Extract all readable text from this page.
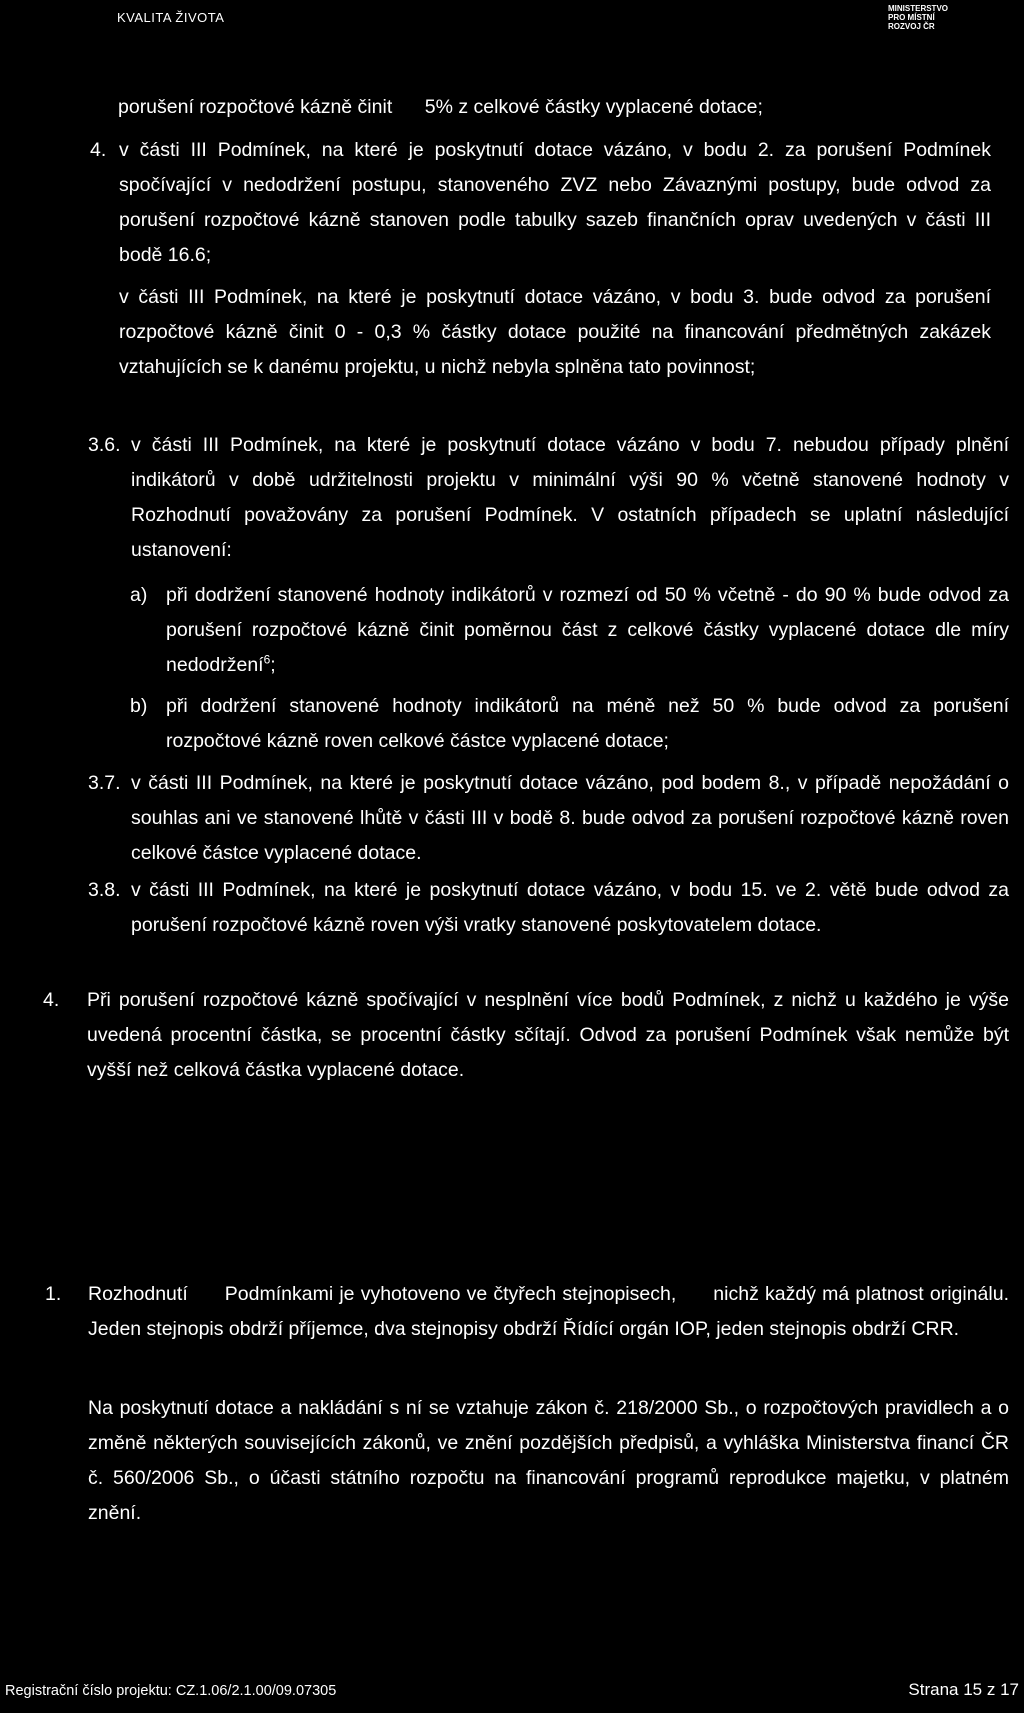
KVALITA ŽIVOTA
MINISTERSTVO
PRO MÍSTNÍ
ROZVOJ ČR
porušení rozpočtové kázně činit      5% z celkové částky vyplacené dotace;
4. v části III Podmínek, na které je poskytnutí dotace vázáno, v bodu 2. za porušení Podmínek spočívající v nedodržení postupu, stanoveného ZVZ nebo Závaznými postupy, bude odvod za porušení rozpočtové kázně stanoven podle tabulky sazeb finančních oprav uvedených v části III bodě 16.6;
v části III Podmínek, na které je poskytnutí dotace vázáno, v bodu 3. bude odvod za porušení rozpočtové kázně činit 0 - 0,3 % částky dotace použité na financování předmětných zakázek vztahujících se k danému projektu, u nichž nebyla splněna tato povinnost;
3.6. v části III Podmínek, na které je poskytnutí dotace vázáno v bodu 7. nebudou případy plnění indikátorů v době udržitelnosti projektu v minimální výši 90 % včetně stanovené hodnoty v Rozhodnutí považovány za porušení Podmínek. V ostatních případech se uplatní následující ustanovení:
a) při dodržení stanovené hodnoty indikátorů v rozmezí od 50 % včetně - do 90 % bude odvod za porušení rozpočtové kázně činit poměrnou část z celkové částky vyplacené dotace dle míry nedodržení$^6$;
b) při dodržení stanovené hodnoty indikátorů na méně než 50 % bude odvod za porušení rozpočtové kázně roven celkové částce vyplacené dotace;
3.7. v části III Podmínek, na které je poskytnutí dotace vázáno, pod bodem 8., v případě nepožádání o souhlas ani ve stanovené lhůtě v části III v bodě 8. bude odvod za porušení rozpočtové kázně roven celkové částce vyplacené dotace.
3.8. v části III Podmínek, na které je poskytnutí dotace vázáno, v bodu 15. ve 2. větě bude odvod za porušení rozpočtové kázně roven výši vratky stanovené poskytovatelem dotace.
4. Při porušení rozpočtové kázně spočívající v nesplnění více bodů Podmínek, z nichž u každého je výše uvedená procentní částka, se procentní částky sčítají. Odvod za porušení Podmínek však nemůže být vyšší než celková částka vyplacené dotace.
1. Rozhodnutí      Podmínkami je vyhotoveno ve čtyřech stejnopisech,      nichž každý má platnost originálu. Jeden stejnopis obdrží příjemce, dva stejnopisy obdrží Řídící orgán IOP, jeden stejnopis obdrží CRR.
Na poskytnutí dotace a nakládání s ní se vztahuje zákon č. 218/2000 Sb., o rozpočtových pravidlech a o změně některých souvisejících zákonů, ve znění pozdějších předpisů, a vyhláška Ministerstva financí ČR č. 560/2006 Sb., o účasti státního rozpočtu na financování programů reprodukce majetku, v platném znění.
Registrační číslo projektu: CZ.1.06/2.1.00/09.07305	Strana 15 z 17
